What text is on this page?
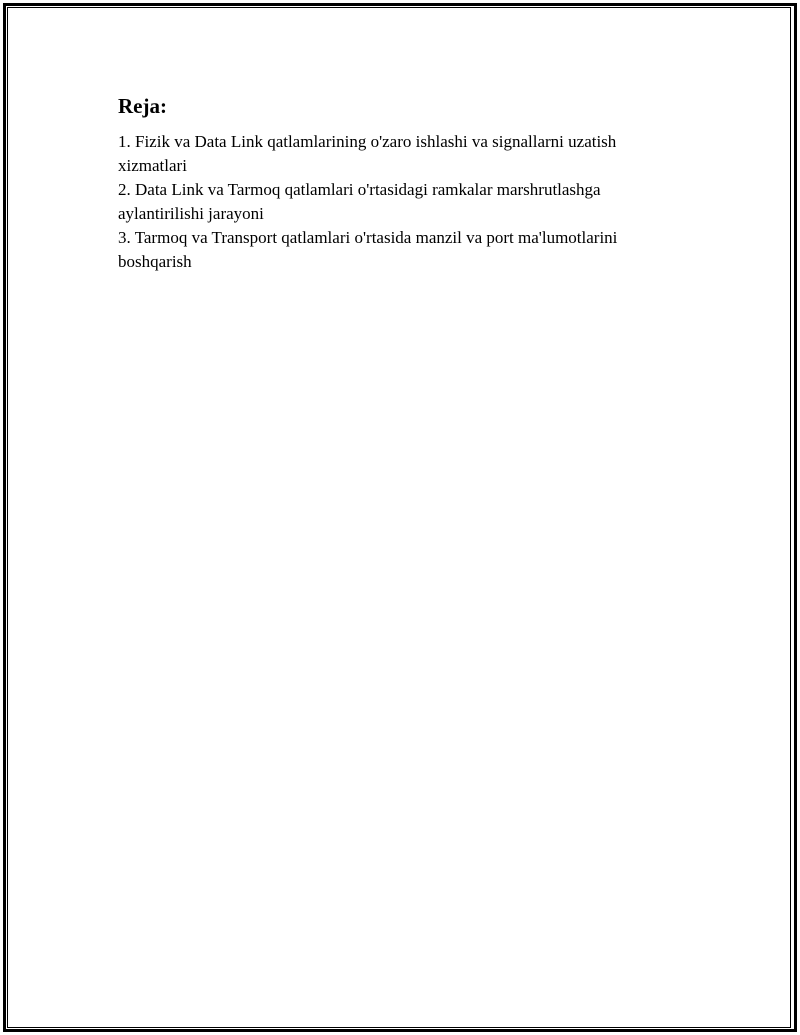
Reja:
1. Fizik va Data Link qatlamlarining o'zaro ishlashi va signallarni uzatish xizmatlari
2. Data Link va Tarmoq qatlamlari o'rtasidagi ramkalar marshrutlashga aylantirilishi jarayoni
3. Tarmoq va Transport qatlamlari o'rtasida manzil va port ma'lumotlarini boshqarish
